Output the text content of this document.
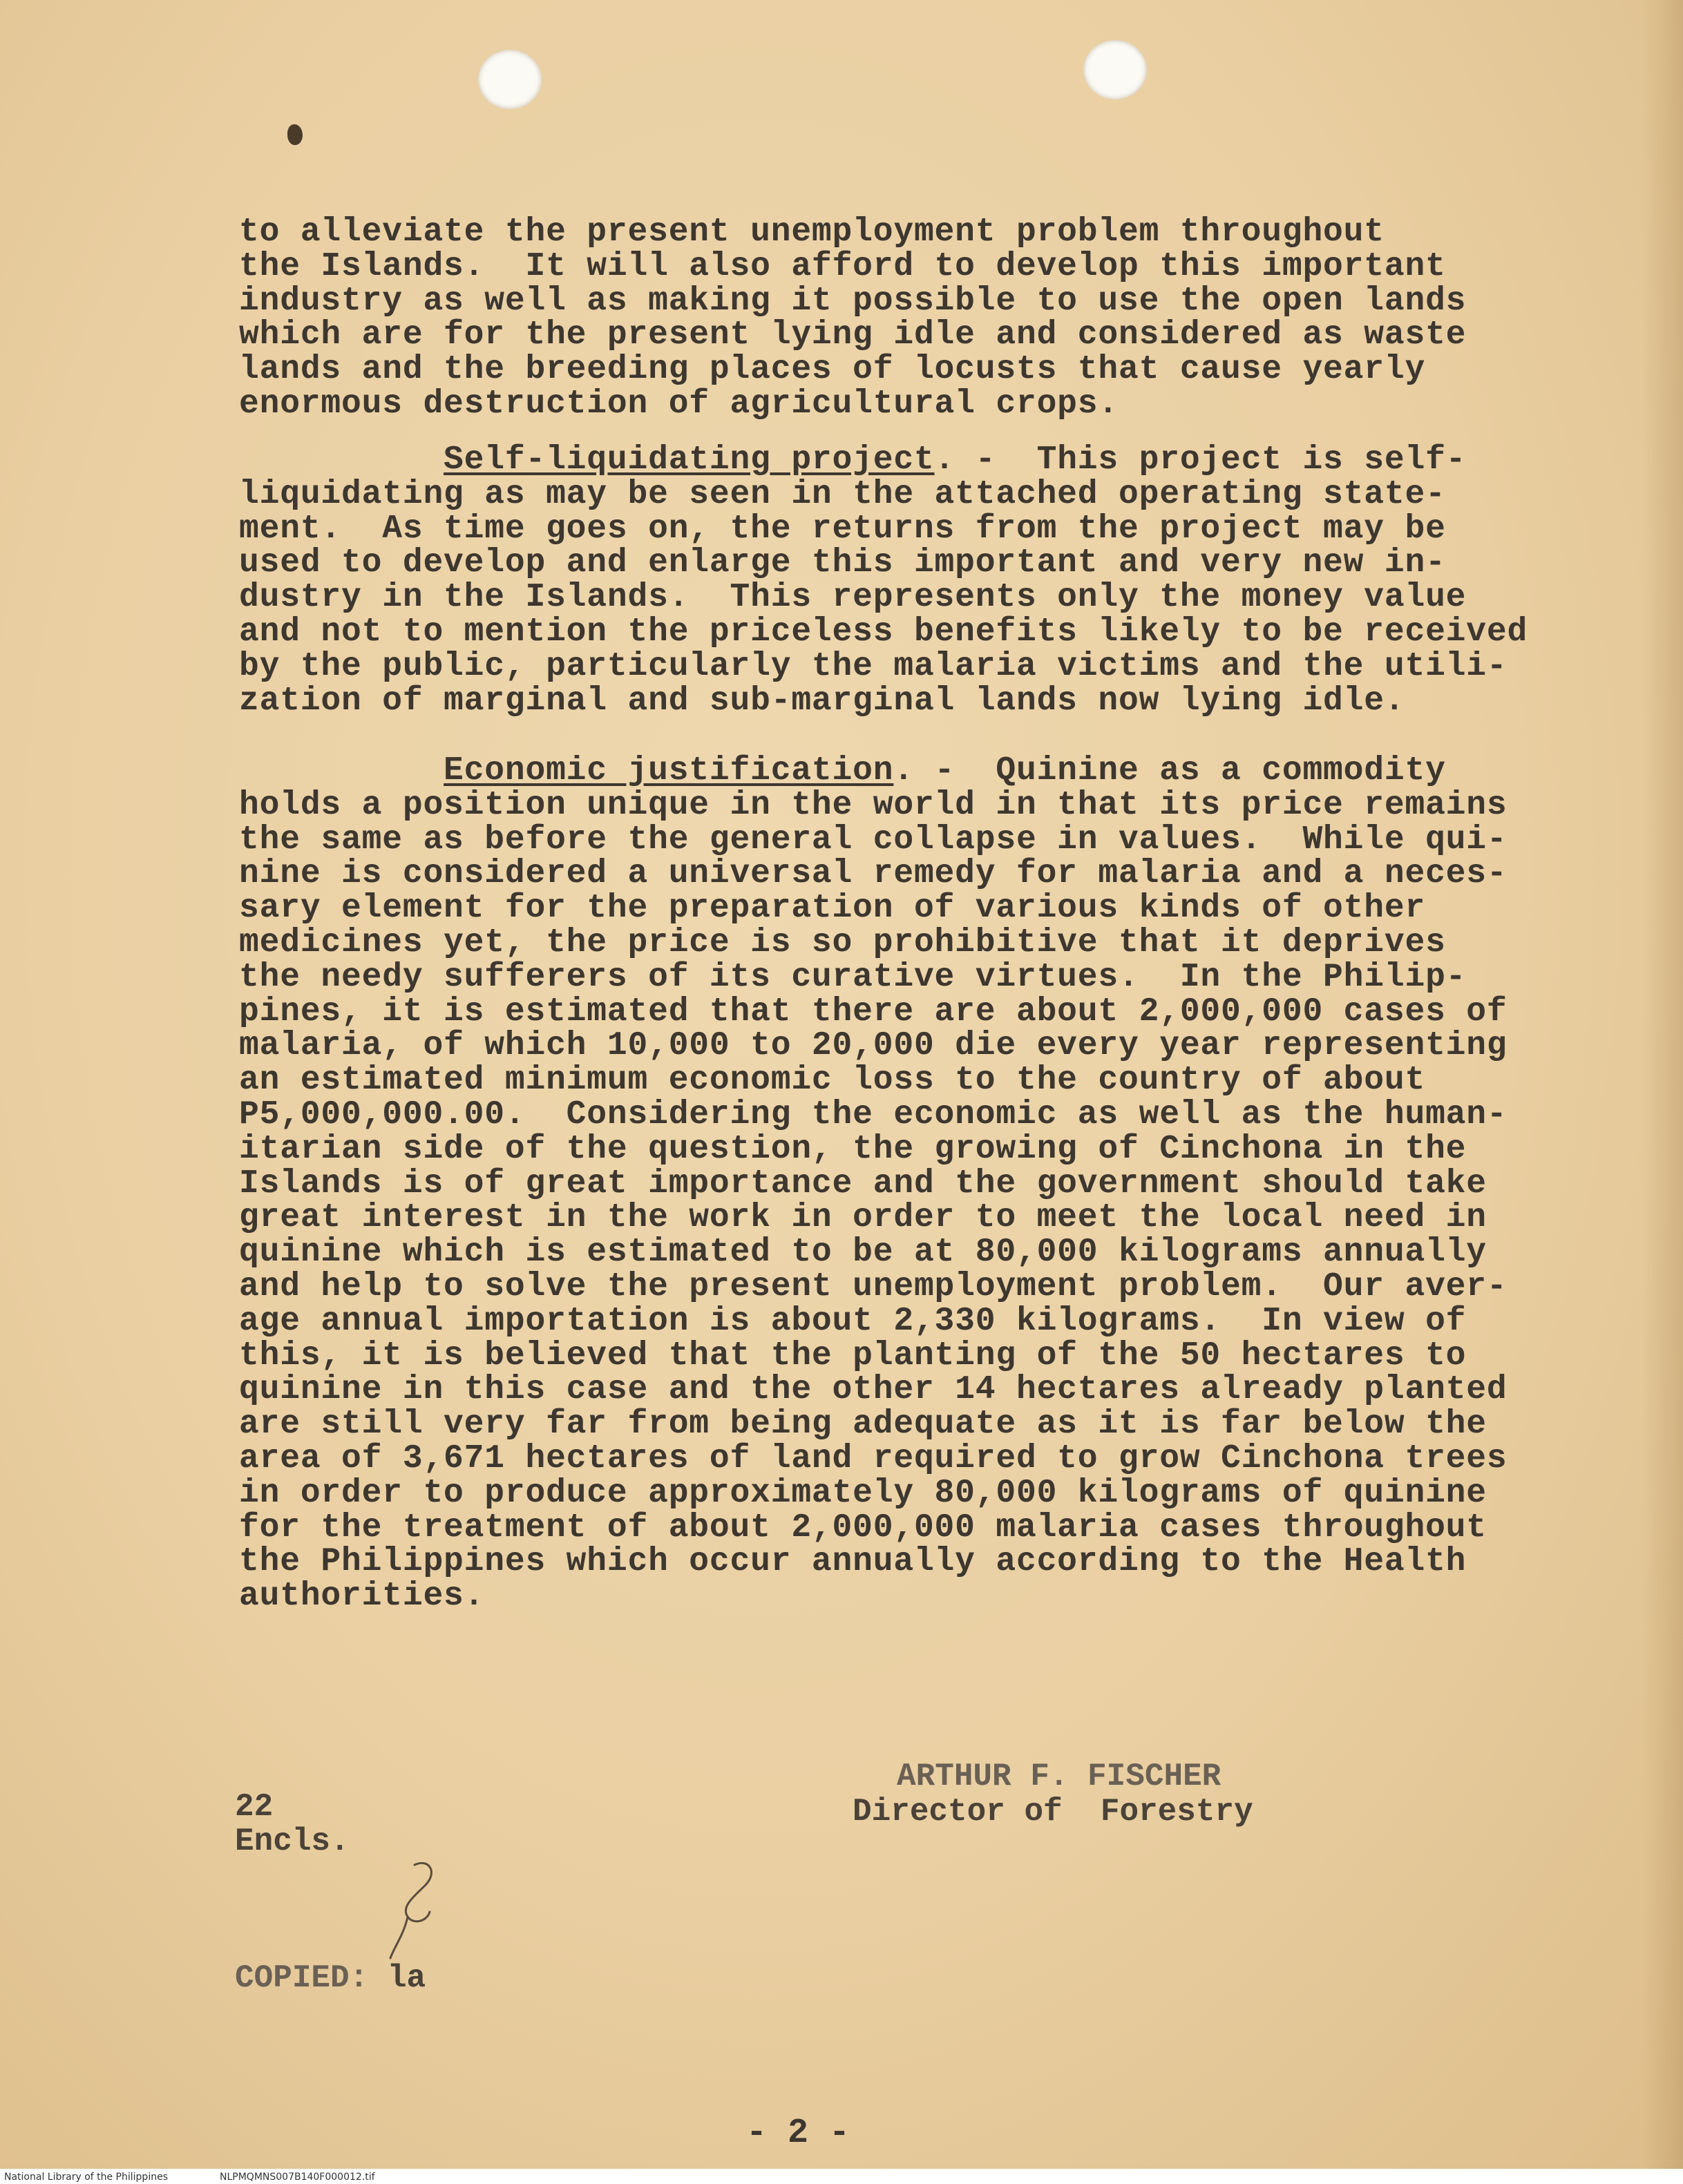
to alleviate the present unemployment problem throughout
the Islands.  It will also afford to develop this important
industry as well as making it possible to use the open lands
which are for the present lying idle and considered as waste
lands and the breeding places of locusts that cause yearly
enormous destruction of agricultural crops.
Self-liquidating project. -  This project is self-
liquidating as may be seen in the attached operating state-
ment.  As time goes on, the returns from the project may be
used to develop and enlarge this important and very new in-
dustry in the Islands.  This represents only the money value
and not to mention the priceless benefits likely to be received
by the public, particularly the malaria victims and the utili-
zation of marginal and sub-marginal lands now lying idle.
Economic justification. -  Quinine as a commodity
holds a position unique in the world in that its price remains
the same as before the general collapse in values.  While qui-
nine is considered a universal remedy for malaria and a neces-
sary element for the preparation of various kinds of other
medicines yet, the price is so prohibitive that it deprives
the needy sufferers of its curative virtues.  In the Philip-
pines, it is estimated that there are about 2,000,000 cases of
malaria, of which 10,000 to 20,000 die every year representing
an estimated minimum economic loss to the country of about
P5,000,000.00.  Considering the economic as well as the human-
itarian side of the question, the growing of Cinchona in the
Islands is of great importance and the government should take
great interest in the work in order to meet the local need in
quinine which is estimated to be at 80,000 kilograms annually
and help to solve the present unemployment problem.  Our aver-
age annual importation is about 2,330 kilograms.  In view of
this, it is believed that the planting of the 50 hectares to
quinine in this case and the other 14 hectares already planted
are still very far from being adequate as it is far below the
area of 3,671 hectares of land required to grow Cinchona trees
in order to produce approximately 80,000 kilograms of quinine
for the treatment of about 2,000,000 malaria cases throughout
the Philippines which occur annually according to the Health
authorities.
ARTHUR F. FISCHER
Director of  Forestry
22
Encls.
COPIED: la
- 2 -
National Library of the Philippines	NLPMQMNS007B140F000012.tif
